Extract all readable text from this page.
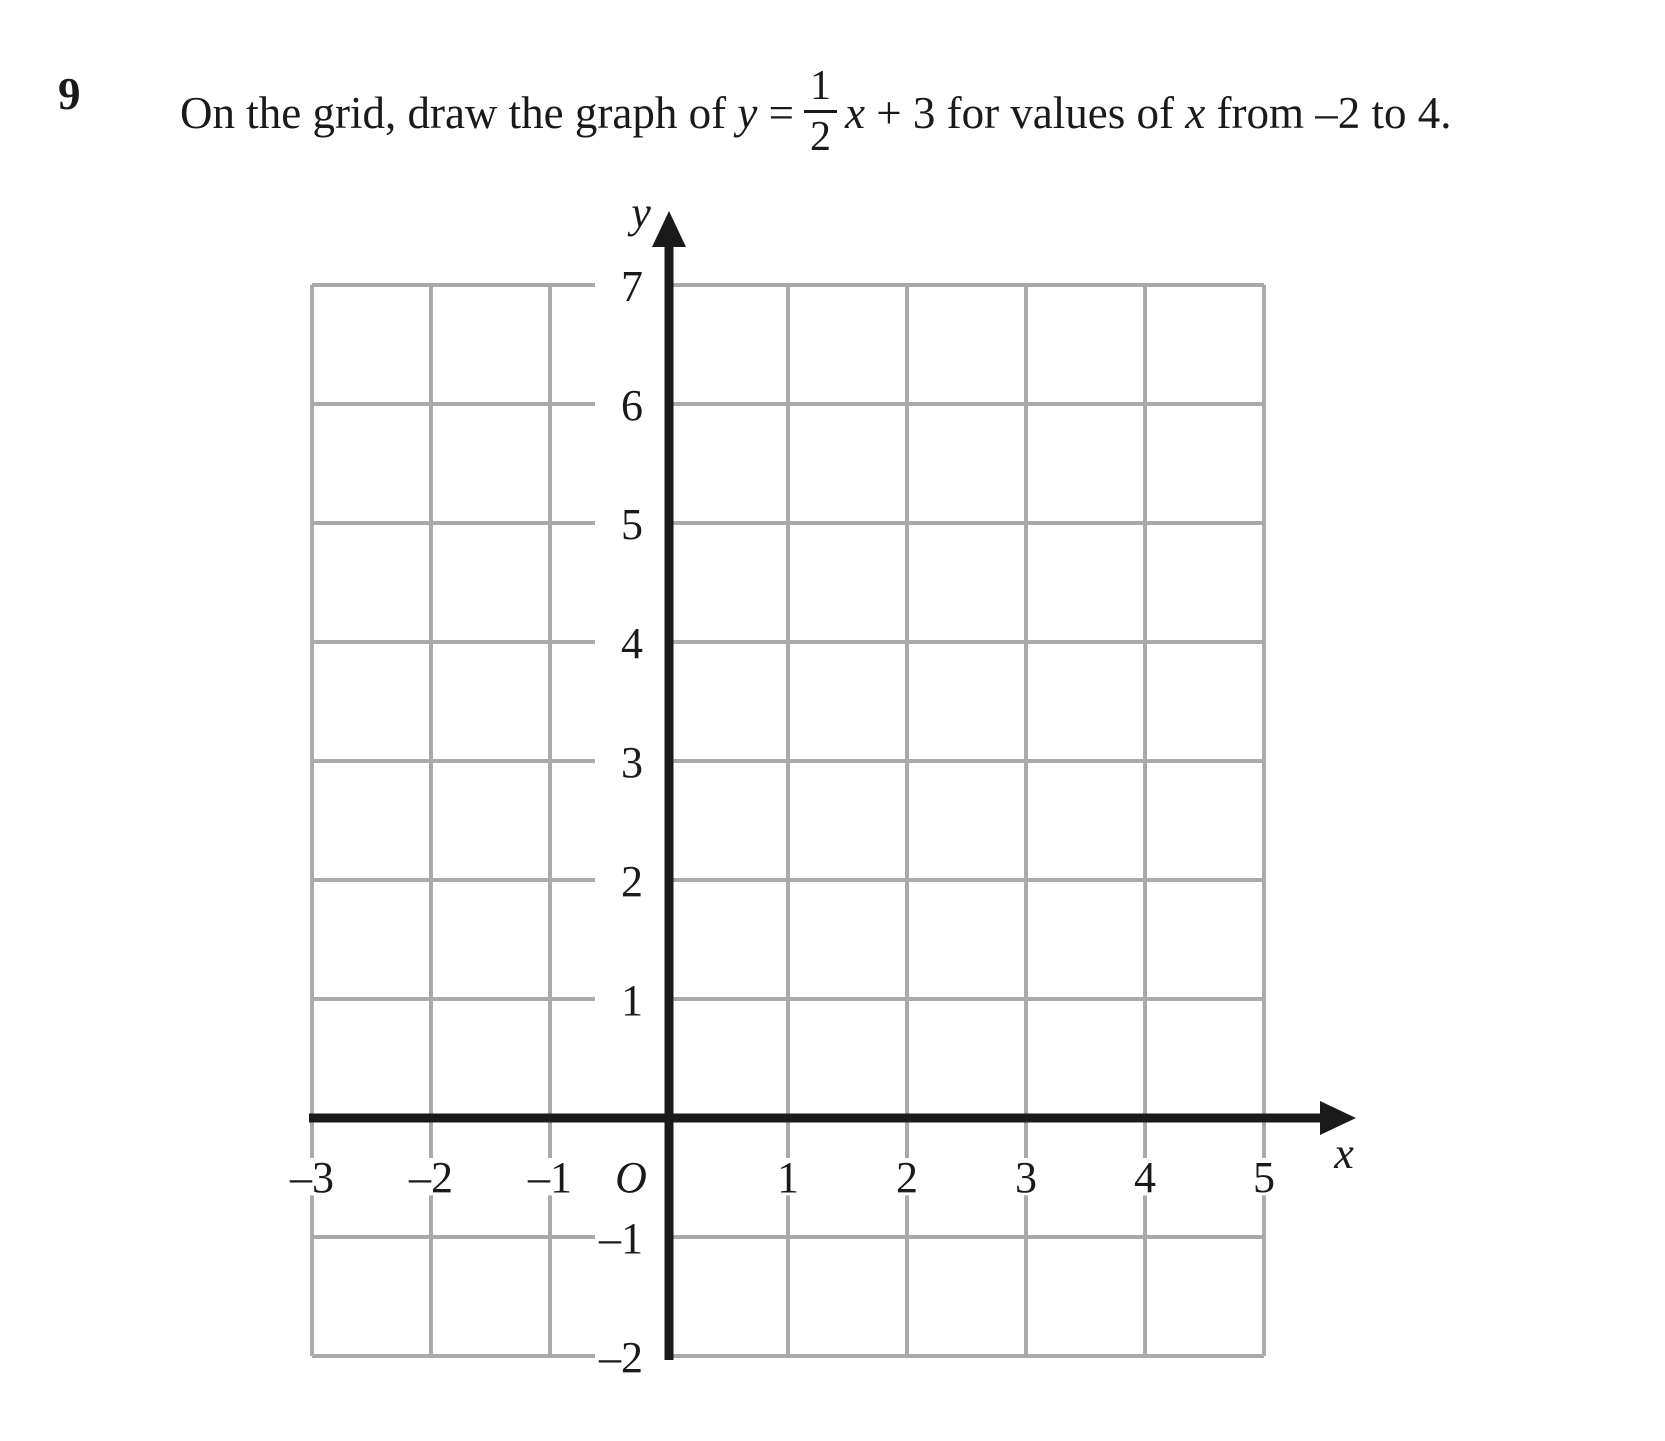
9 On the grid, draw the graph of $y = \frac{1}{2}$ x + 3 for values of x from –2 to 4.
7
6
5
4
3
2
1
–1
–2
–3 –2 –1	1 2 3 4 5
O	x
y
